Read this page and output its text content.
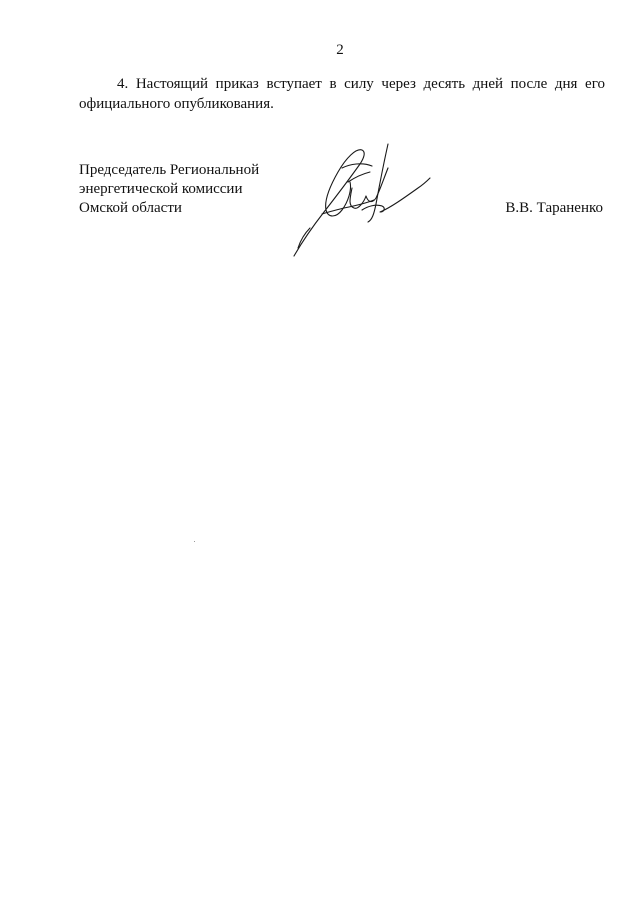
2
4. Настоящий приказ вступает в силу через десять дней после дня его
официального опубликования.
Председатель Региональной
энергетической комиссии
Омской области	В.В. Тараненко
